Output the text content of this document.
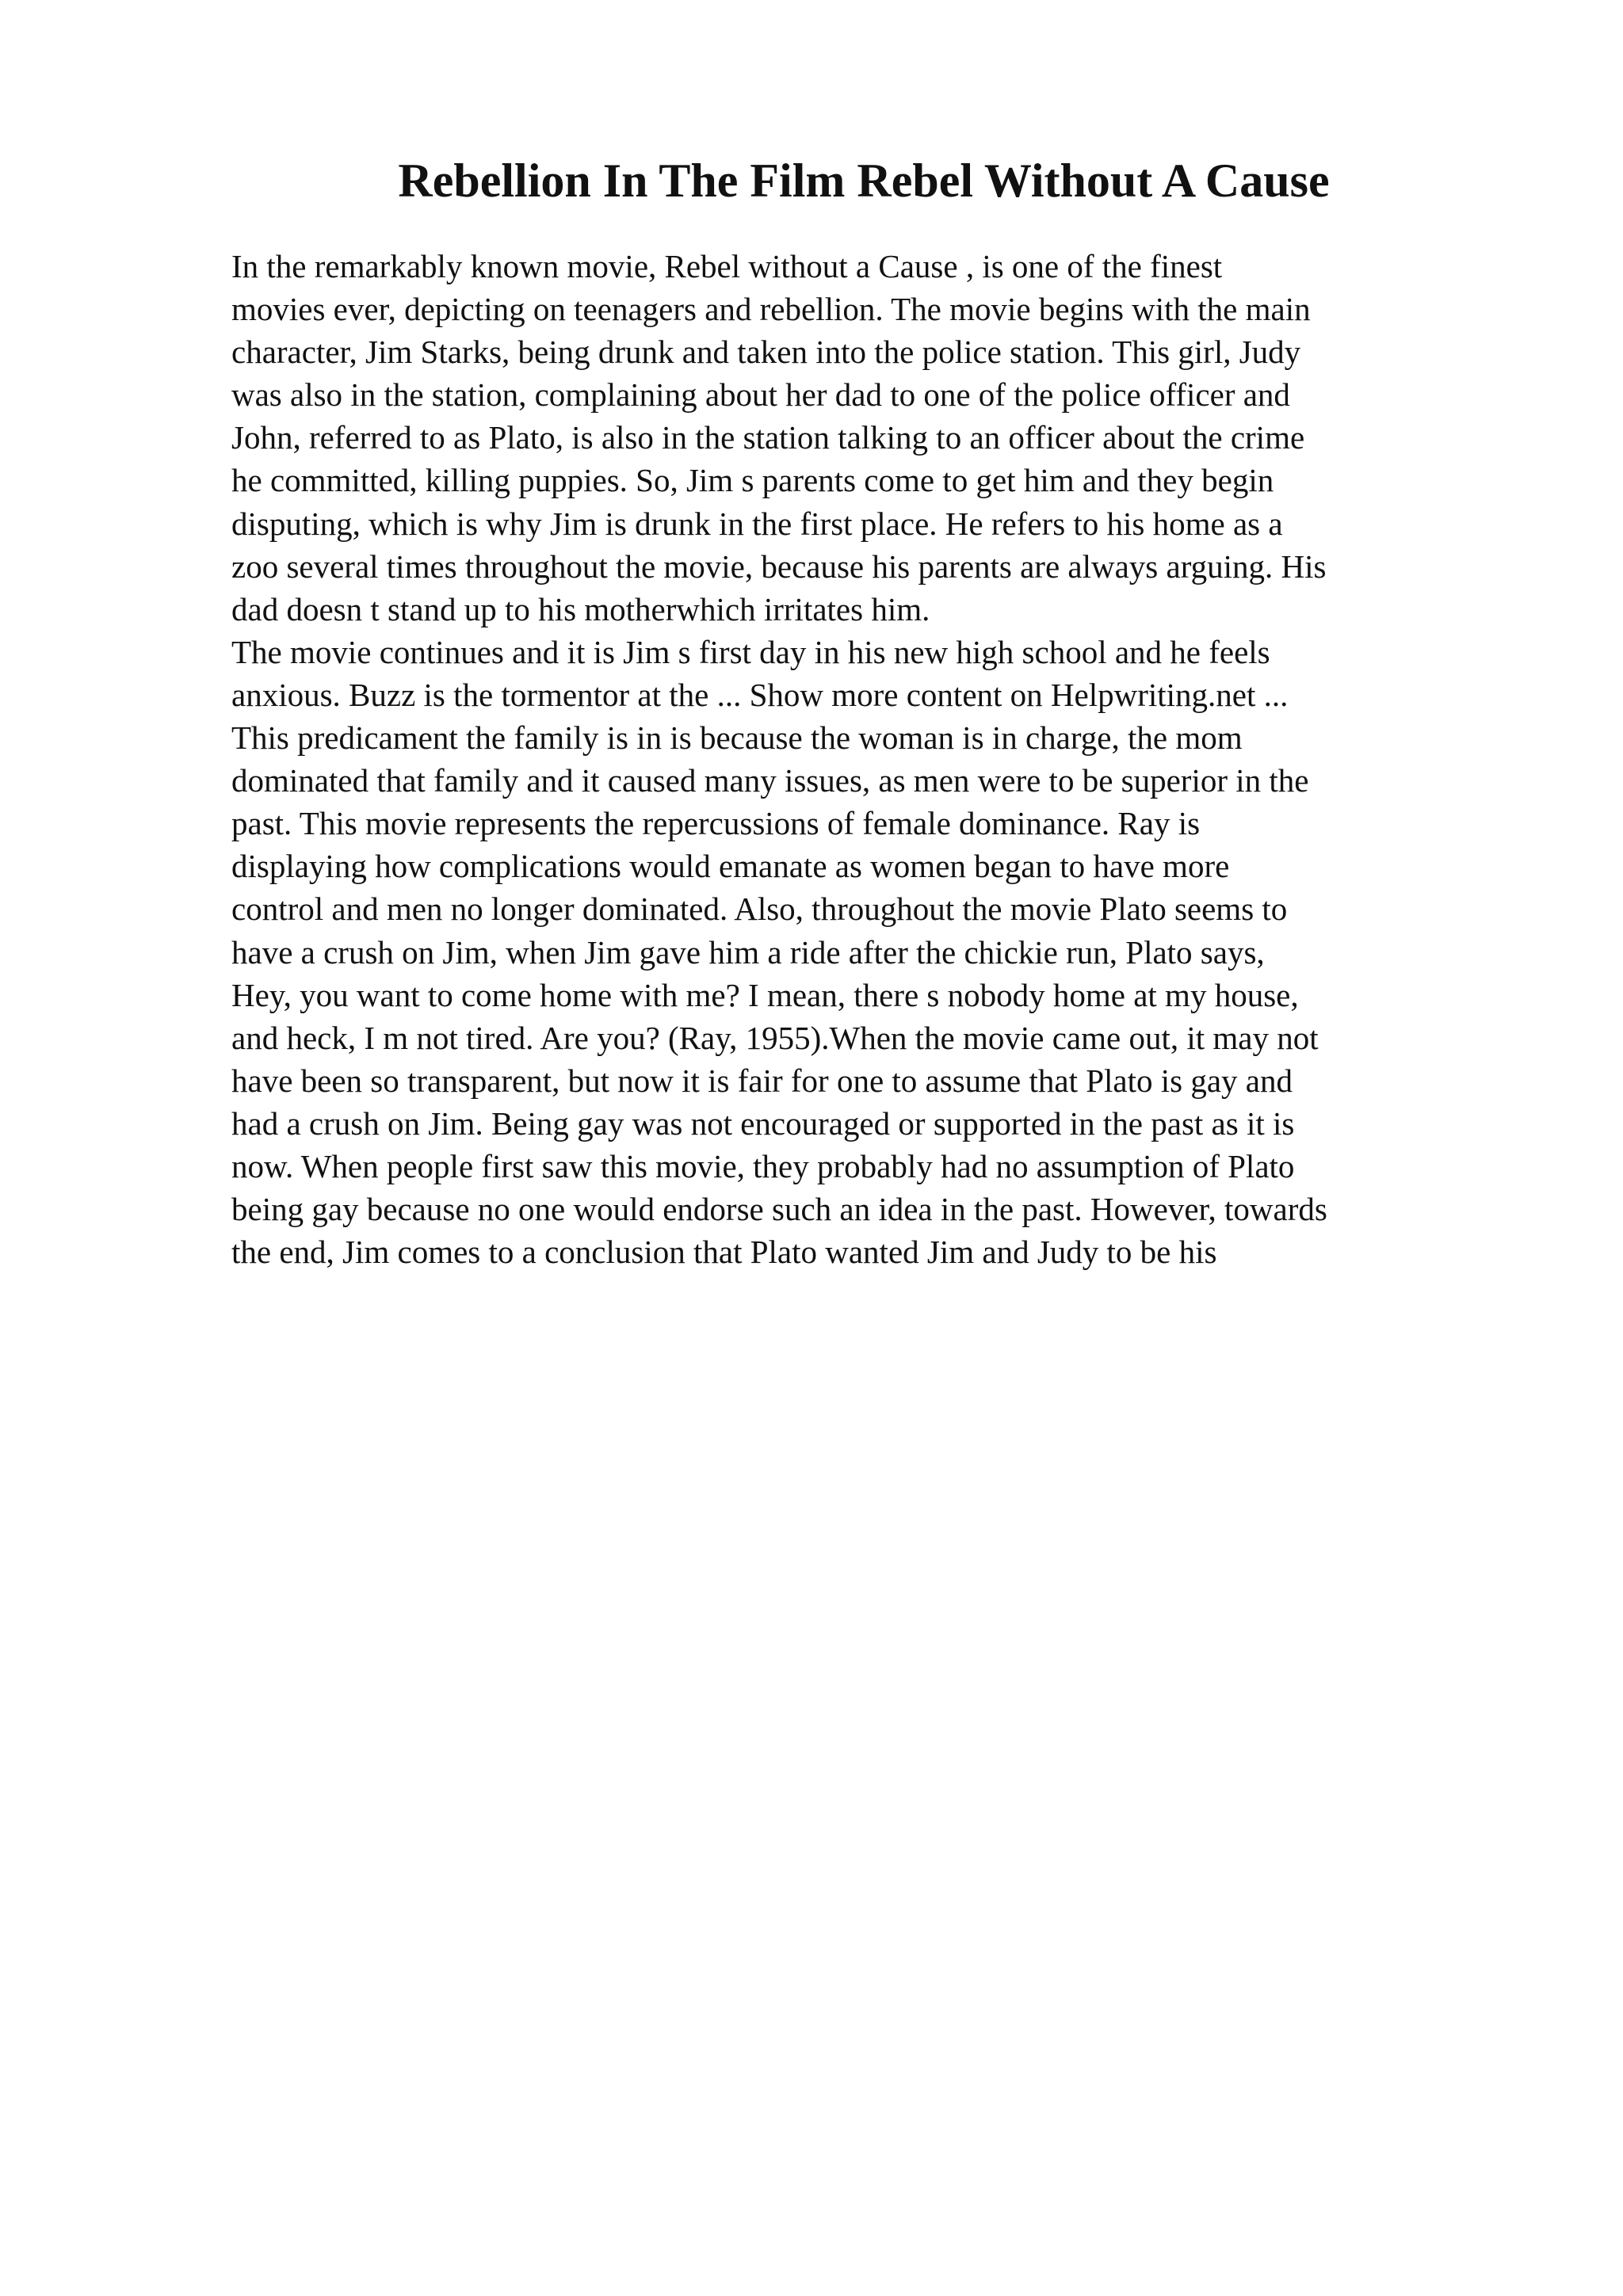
Rebellion In The Film Rebel Without A Cause
In the remarkably known movie, Rebel without a Cause , is one of the finest
movies ever, depicting on teenagers and rebellion. The movie begins with the main
character, Jim Starks, being drunk and taken into the police station. This girl, Judy
was also in the station, complaining about her dad to one of the police officer and
John, referred to as Plato, is also in the station talking to an officer about the crime
he committed, killing puppies. So, Jim s parents come to get him and they begin
disputing, which is why Jim is drunk in the first place. He refers to his home as a
zoo several times throughout the movie, because his parents are always arguing. His
dad doesn t stand up to his motherwhich irritates him.
The movie continues and it is Jim s first day in his new high school and he feels
anxious. Buzz is the tormentor at the ... Show more content on Helpwriting.net ...
This predicament the family is in is because the woman is in charge, the mom
dominated that family and it caused many issues, as men were to be superior in the
past. This movie represents the repercussions of female dominance. Ray is
displaying how complications would emanate as women began to have more
control and men no longer dominated. Also, throughout the movie Plato seems to
have a crush on Jim, when Jim gave him a ride after the chickie run, Plato says,
Hey, you want to come home with me? I mean, there s nobody home at my house,
and heck, I m not tired. Are you? (Ray, 1955).When the movie came out, it may not
have been so transparent, but now it is fair for one to assume that Plato is gay and
had a crush on Jim. Being gay was not encouraged or supported in the past as it is
now. When people first saw this movie, they probably had no assumption of Plato
being gay because no one would endorse such an idea in the past. However, towards
the end, Jim comes to a conclusion that Plato wanted Jim and Judy to be his
